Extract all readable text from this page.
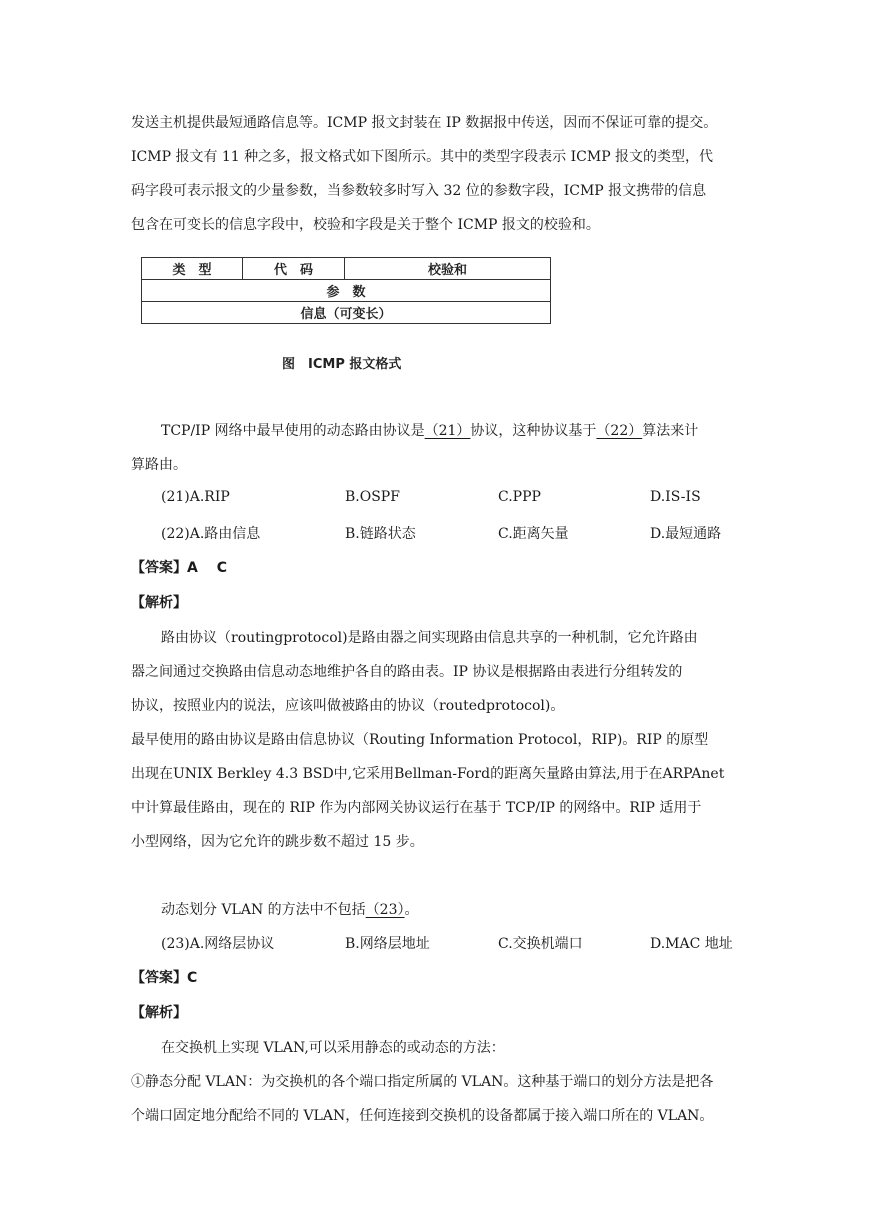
发送主机提供最短通路信息等。ICMP 报文封装在 IP 数据报中传送，因而不保证可靠的提交。
ICMP 报文有 11 种之多，报文格式如下图所示。其中的类型字段表示 ICMP 报文的类型，代
码字段可表示报文的少量参数，当参数较多时写入 32 位的参数字段，ICMP 报文携带的信息
包含在可变长的信息字段中，校验和字段是关于整个 ICMP 报文的校验和。
类　型	代　码	校验和
参　数
信息（可变长）
图　ICMP 报文格式
TCP/IP 网络中最早使用的动态路由协议是（21）协议，这种协议基于（22）算法来计
算路由。
(21)A.RIP	B.OSPF	C.PPP	D.IS-IS
(22)A.路由信息	B.链路状态	C.距离矢量	D.最短通路
【答案】A　 C
【解析】
路由协议（routingprotocol)是路由器之间实现路由信息共享的一种机制，它允许路由
器之间通过交换路由信息动态地维护各自的路由表。IP 协议是根据路由表进行分组转发的
协议，按照业内的说法，应该叫做被路由的协议（routedprotocol)。
最早使用的路由协议是路由信息协议（Routing Information Protocol，RIP)。RIP 的原型
出现在UNIX Berkley 4.3 BSD中,它采用Bellman-Ford的距离矢量路由算法,用于在ARPAnet
中计算最佳路由，现在的 RIP 作为内部网关协议运行在基于 TCP/IP 的网络中。RIP 适用于
小型网络，因为它允许的跳步数不超过 15 步。
动态划分 VLAN 的方法中不包括（23）。
(23)A.网络层协议	B.网络层地址	C.交换机端口	D.MAC 地址
【答案】C
【解析】
在交换机上实现 VLAN,可以采用静态的或动态的方法：
①静态分配 VLAN：为交换机的各个端口指定所属的 VLAN。这种基于端口的划分方法是把各
个端口固定地分配给不同的 VLAN，任何连接到交换机的设备都属于接入端口所在的 VLAN。
